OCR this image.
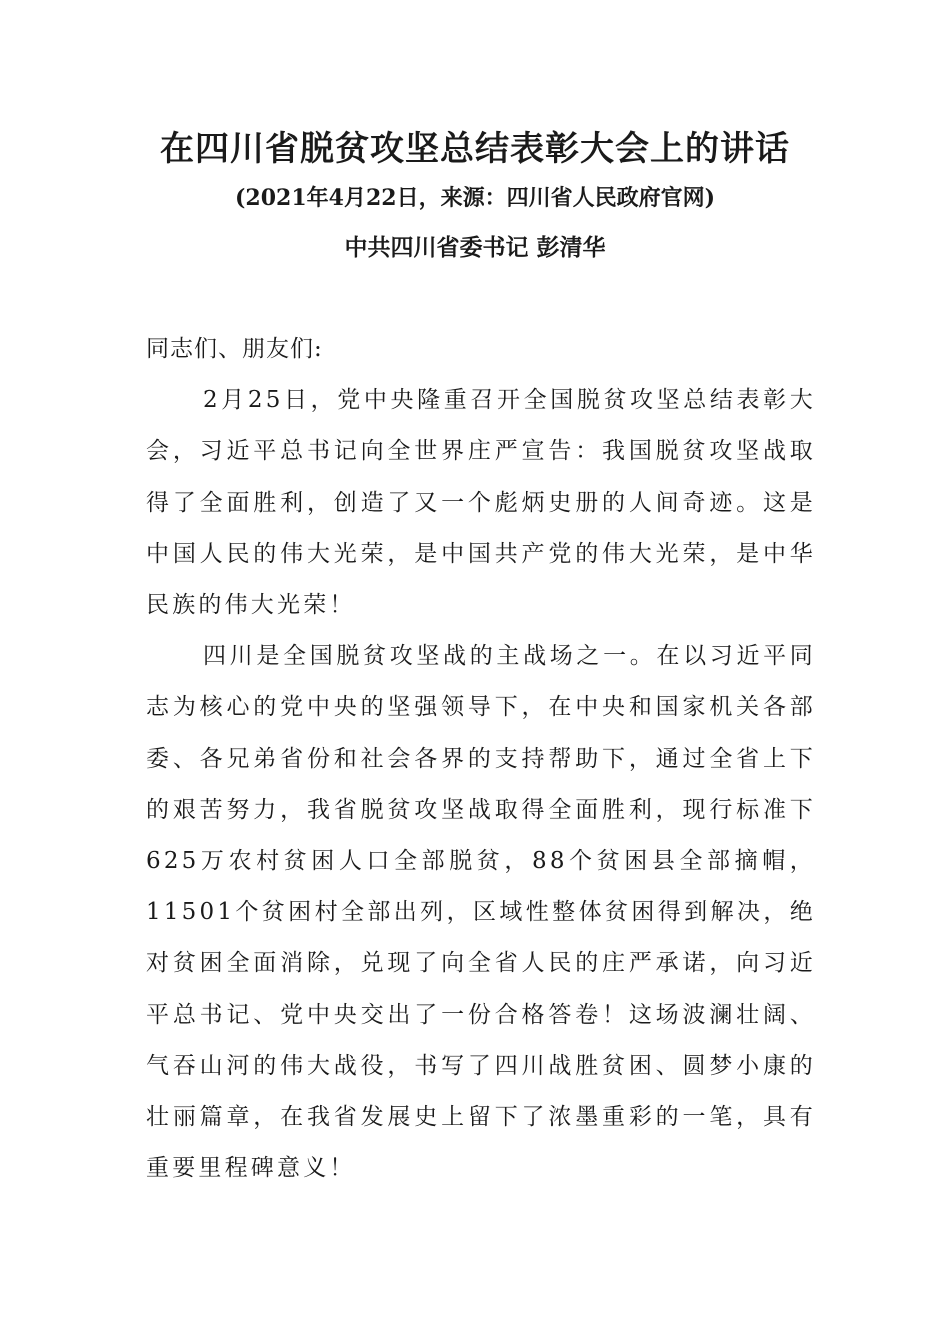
在四川省脱贫攻坚总结表彰大会上的讲话
(2021年4月22日，来源：四川省人民政府官网)
中共四川省委书记 彭清华

同志们、朋友们:

2月25日，党中央隆重召开全国脱贫攻坚总结表彰大会，习近平总书记向全世界庄严宣告：我国脱贫攻坚战取得了全面胜利，创造了又一个彪炳史册的人间奇迹。这是中国人民的伟大光荣，是中国共产党的伟大光荣，是中华民族的伟大光荣！

四川是全国脱贫攻坚战的主战场之一。在以习近平同志为核心的党中央的坚强领导下，在中央和国家机关各部委、各兄弟省份和社会各界的支持帮助下，通过全省上下的艰苦努力，我省脱贫攻坚战取得全面胜利，现行标准下625万农村贫困人口全部脱贫，88个贫困县全部摘帽，11501个贫困村全部出列，区域性整体贫困得到解决，绝对贫困全面消除，兑现了向全省人民的庄严承诺，向习近平总书记、党中央交出了一份合格答卷！这场波澜壮阔、气吞山河的伟大战役，书写了四川战胜贫困、圆梦小康的壮丽篇章，在我省发展史上留下了浓墨重彩的一笔，具有重要里程碑意义！
